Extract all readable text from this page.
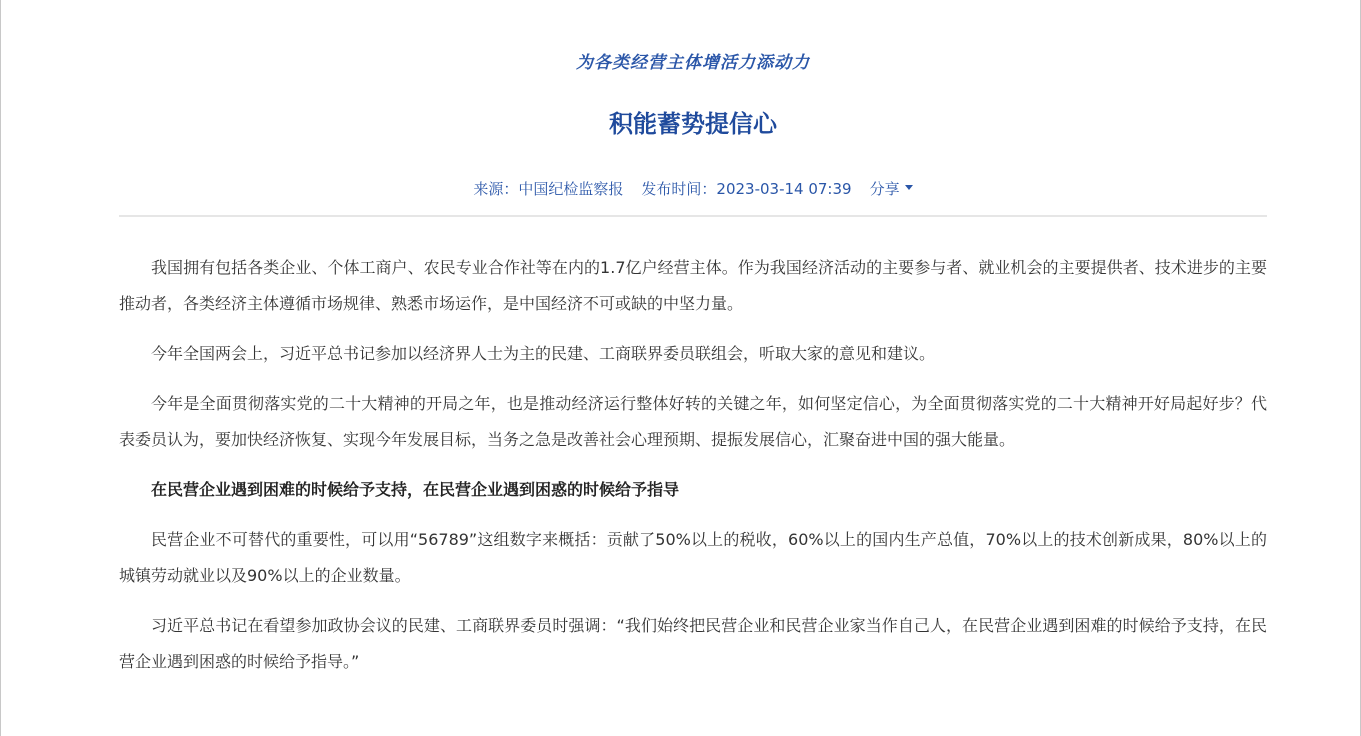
为各类经营主体增活力添动力
积能蓄势提信心
来源：中国纪检监察报 发布时间：2023-03-14 07:39 分享

我国拥有包括各类企业、个体工商户、农民专业合作社等在内的1.7亿户经营主体。作为我国经济活动的主要参与者、就业机会的主要提供者、技术进步的主要推动者，各类经济主体遵循市场规律、熟悉市场运作，是中国经济不可或缺的中坚力量。

今年全国两会上，习近平总书记参加以经济界人士为主的民建、工商联界委员联组会，听取大家的意见和建议。

今年是全面贯彻落实党的二十大精神的开局之年，也是推动经济运行整体好转的关键之年，如何坚定信心，为全面贯彻落实党的二十大精神开好局起好步？代表委员认为，要加快经济恢复、实现今年发展目标，当务之急是改善社会心理预期、提振发展信心，汇聚奋进中国的强大能量。

在民营企业遇到困难的时候给予支持，在民营企业遇到困惑的时候给予指导

民营企业不可替代的重要性，可以用“56789”这组数字来概括：贡献了50%以上的税收，60%以上的国内生产总值，70%以上的技术创新成果，80%以上的城镇劳动就业以及90%以上的企业数量。

习近平总书记在看望参加政协会议的民建、工商联界委员时强调：“我们始终把民营企业和民营企业家当作自己人，在民营企业遇到困难的时候给予支持，在民营企业遇到困惑的时候给予指导。”
